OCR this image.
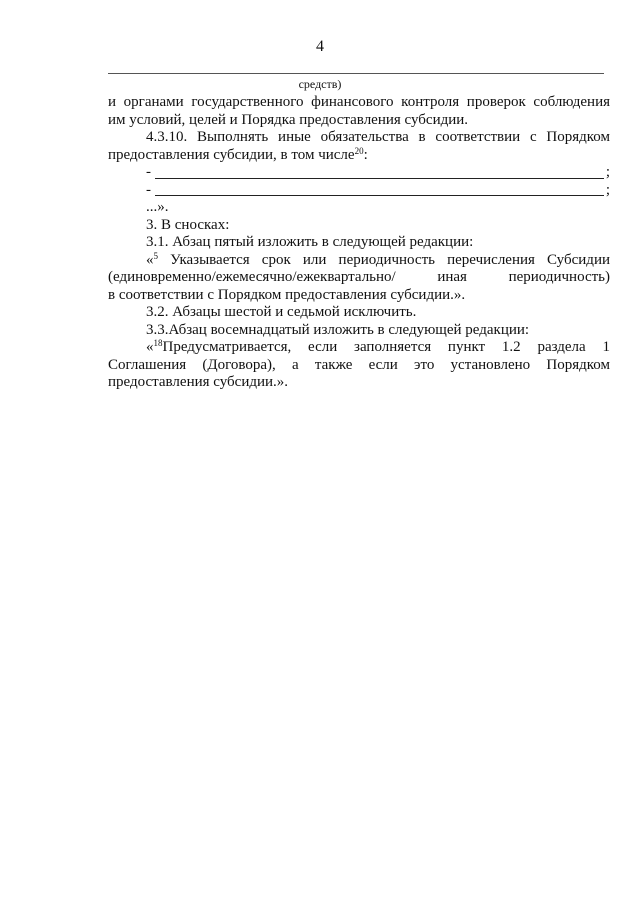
4
средств)

и органами государственного финансового контроля проверок соблюдения

им условий, целей и Порядка предоставления субсидии.

4.3.10. Выполнять иные обязательства в соответствии с Порядком

предоставления субсидии, в том числе$^{20}$:

-	;
-	;

...».

3. В сносках:

3.1. Абзац пятый изложить в следующей редакции:

«$^5$ Указывается срок или периодичность перечисления Субсидии

(единовременно/ежемесячно/ежеквартально/ иная периодичность)

в соответствии с Порядком предоставления субсидии.».

3.2. Абзацы шестой и седьмой исключить.

3.3.Абзац восемнадцатый изложить в следующей редакции:

«$^{18}$Предусматривается, если заполняется пункт 1.2 раздела 1

Соглашения (Договора), а также если это установлено Порядком

предоставления субсидии.».
